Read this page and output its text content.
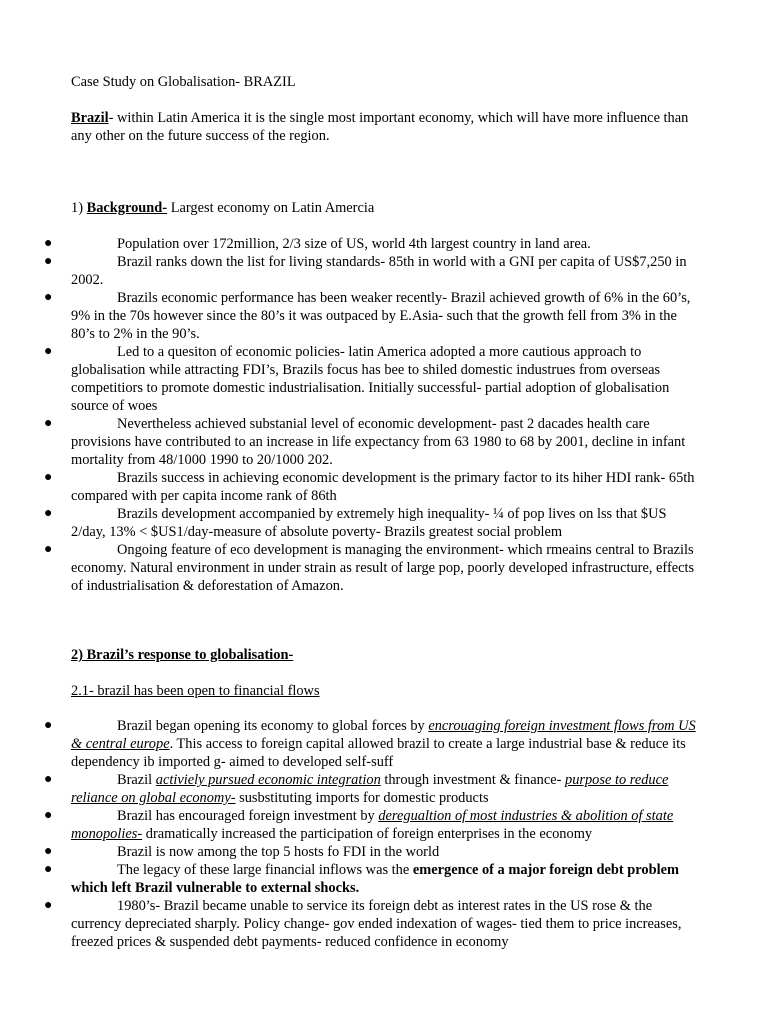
Case Study on Globalisation- BRAZIL

Brazil- within Latin America it is the single most important economy, which will have more influence than any other on the future success of the region.

1) Background- Largest economy on Latin Amercia

●	Population over 172million, 2/3 size of US, world 4th largest country in land area.
●	Brazil ranks down the list for living standards- 85th in world with a GNI per capita of US$7,250 in 2002.
●	Brazils economic performance has been weaker recently- Brazil achieved growth of 6% in the 60’s, 9% in the 70s however since the 80’s it was outpaced by E.Asia- such that the growth fell from 3% in the 80’s to 2% in the 90’s.
●	Led to a quesiton of economic policies- latin America adopted a more cautious approach to globalisation while attracting FDI’s, Brazils focus has bee to shiled domestic industrues from overseas competitiors to promote domestic industrialisation. Initially successful- partial adoption of globalisation source of woes
●	Nevertheless achieved substanial level of economic development- past 2 dacades health care provisions have contributed to an increase in life expectancy from 63 1980 to 68 by 2001, decline in infant mortality from 48/1000 1990 to 20/1000 202.
●	Brazils success in achieving economic development is the primary factor to its hiher HDI rank- 65th compared with per capita income rank of 86th
●	Brazils development accompanied by extremely high inequality- ¼ of pop lives on lss that $US 2/day, 13% < $US1/day-measure of absolute poverty- Brazils greatest social problem
●	Ongoing feature of eco development is managing the environment- which rmeains central to Brazils economy. Natural environment in under strain as result of large pop, poorly developed infrastructure, effects of industrialisation & deforestation of Amazon.

2) Brazil’s response to globalisation-

2.1- brazil has been open to financial flows

●	Brazil began opening its economy to global forces by encrouaging foreign investment flows from US & central europe. This access to foreign capital allowed brazil to create a large industrial base & reduce its dependency ib imported g- aimed to developed self-suff
●	Brazil activiely pursued economic integration through investment & finance- purpose to reduce reliance on global economy- susbstituting imports for domestic products
●	Brazil has encouraged foreign investment by deregualtion of most industries & abolition of state monopolies- dramatically increased the participation of foreign enterprises in the economy
●	Brazil is now among the top 5 hosts fo FDI in the world
●	The legacy of these large financial inflows was the emergence of a major foreign debt problem which left Brazil vulnerable to external shocks.
●	1980’s- Brazil became unable to service its foreign debt as interest rates in the US rose & the currency depreciated sharply. Policy change- gov ended indexation of wages- tied them to price increases, freezed prices & suspended debt payments- reduced confidence in economy
